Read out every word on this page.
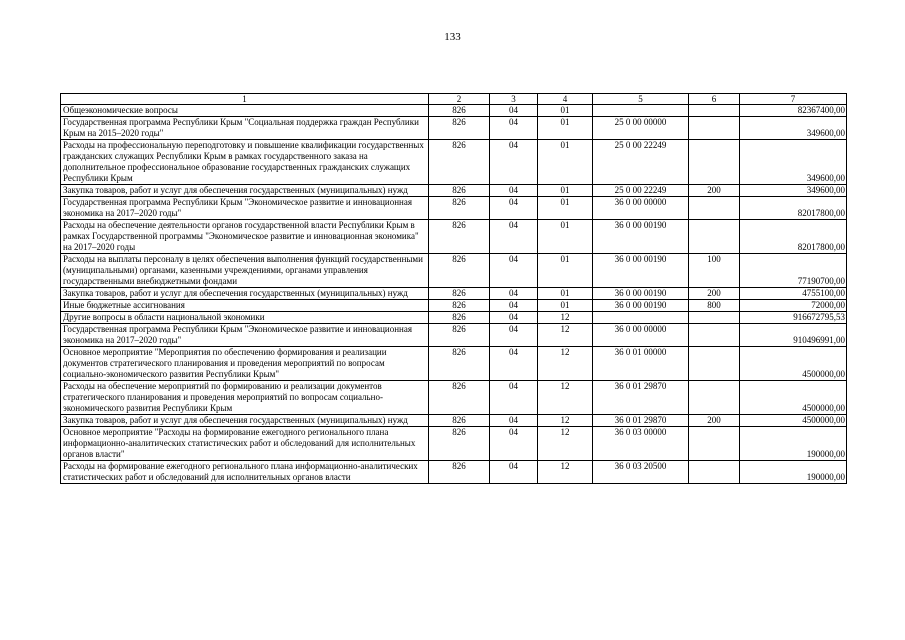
133
1	2	3	4	5	6	7
Общеэкономические вопросы	826	04	01			82367400,00
Государственная программа Республики Крым "Социальная поддержка граждан Республики Крым на 2015–2020 годы"	826	04	01	25 0 00 00000		349600,00
Расходы на профессиональную переподготовку и повышение квалификации государственных гражданских служащих Республики Крым в рамках государственного заказа на дополнительное профессиональное образование государственных гражданских служащих Республики Крым	826	04	01	25 0 00 22249		349600,00
Закупка товаров, работ и услуг для обеспечения государственных (муниципальных) нужд	826	04	01	25 0 00 22249	200	349600,00
Государственная программа Республики Крым "Экономическое развитие и инновационная экономика на 2017–2020 годы"	826	04	01	36 0 00 00000		82017800,00
Расходы на обеспечение деятельности органов государственной власти Республики Крым в рамках Государственной программы "Экономическое развитие и инновационная экономика" на 2017–2020 годы	826	04	01	36 0 00 00190		82017800,00
Расходы на выплаты персоналу в целях обеспечения выполнения функций государственными (муниципальными) органами, казенными учреждениями, органами управления государственными внебюджетными фондами	826	04	01	36 0 00 00190	100	77190700,00
Закупка товаров, работ и услуг для обеспечения государственных (муниципальных) нужд	826	04	01	36 0 00 00190	200	4755100,00
Иные бюджетные ассигнования	826	04	01	36 0 00 00190	800	72000,00
Другие вопросы в области национальной экономики	826	04	12			916672795,53
Государственная программа Республики Крым "Экономическое развитие и инновационная экономика на 2017–2020 годы"	826	04	12	36 0 00 00000		910496991,00
Основное мероприятие "Мероприятия по обеспечению формирования и реализации документов стратегического планирования и проведения мероприятий по вопросам социально-экономического развития Республики Крым"	826	04	12	36 0 01 00000		4500000,00
Расходы на обеспечение мероприятий по формированию и реализации документов стратегического планирования и проведения мероприятий по вопросам социально-экономического развития Республики Крым	826	04	12	36 0 01 29870		4500000,00
Закупка товаров, работ и услуг для обеспечения государственных (муниципальных) нужд	826	04	12	36 0 01 29870	200	4500000,00
Основное мероприятие "Расходы на формирование ежегодного регионального плана информационно-аналитических статистических работ и обследований для исполнительных органов власти"	826	04	12	36 0 03 00000		190000,00
Расходы на формирование ежегодного регионального плана информационно-аналитических статистических работ и обследований для исполнительных органов власти	826	04	12	36 0 03 20500		190000,00
